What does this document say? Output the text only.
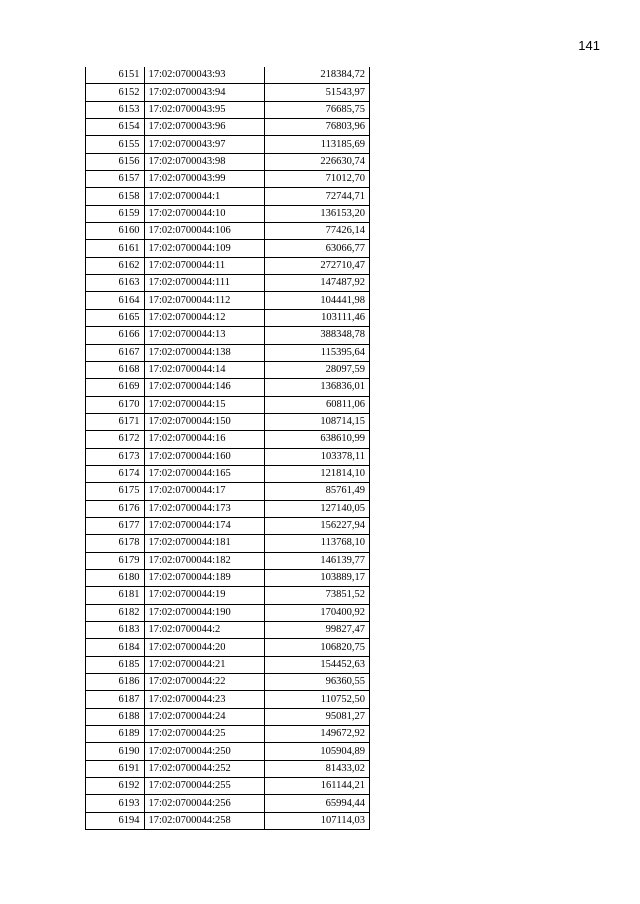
141
6151	17:02:0700043:93	218384,72
6152	17:02:0700043:94	51543,97
6153	17:02:0700043:95	76685,75
6154	17:02:0700043:96	76803,96
6155	17:02:0700043:97	113185,69
6156	17:02:0700043:98	226630,74
6157	17:02:0700043:99	71012,70
6158	17:02:0700044:1	72744,71
6159	17:02:0700044:10	136153,20
6160	17:02:0700044:106	77426,14
6161	17:02:0700044:109	63066,77
6162	17:02:0700044:11	272710,47
6163	17:02:0700044:111	147487,92
6164	17:02:0700044:112	104441,98
6165	17:02:0700044:12	103111,46
6166	17:02:0700044:13	388348,78
6167	17:02:0700044:138	115395,64
6168	17:02:0700044:14	28097,59
6169	17:02:0700044:146	136836,01
6170	17:02:0700044:15	60811,06
6171	17:02:0700044:150	108714,15
6172	17:02:0700044:16	638610,99
6173	17:02:0700044:160	103378,11
6174	17:02:0700044:165	121814,10
6175	17:02:0700044:17	85761,49
6176	17:02:0700044:173	127140,05
6177	17:02:0700044:174	156227,94
6178	17:02:0700044:181	113768,10
6179	17:02:0700044:182	146139,77
6180	17:02:0700044:189	103889,17
6181	17:02:0700044:19	73851,52
6182	17:02:0700044:190	170400,92
6183	17:02:0700044:2	99827,47
6184	17:02:0700044:20	106820,75
6185	17:02:0700044:21	154452,63
6186	17:02:0700044:22	96360,55
6187	17:02:0700044:23	110752,50
6188	17:02:0700044:24	95081,27
6189	17:02:0700044:25	149672,92
6190	17:02:0700044:250	105904,89
6191	17:02:0700044:252	81433,02
6192	17:02:0700044:255	161144,21
6193	17:02:0700044:256	65994,44
6194	17:02:0700044:258	107114,03
